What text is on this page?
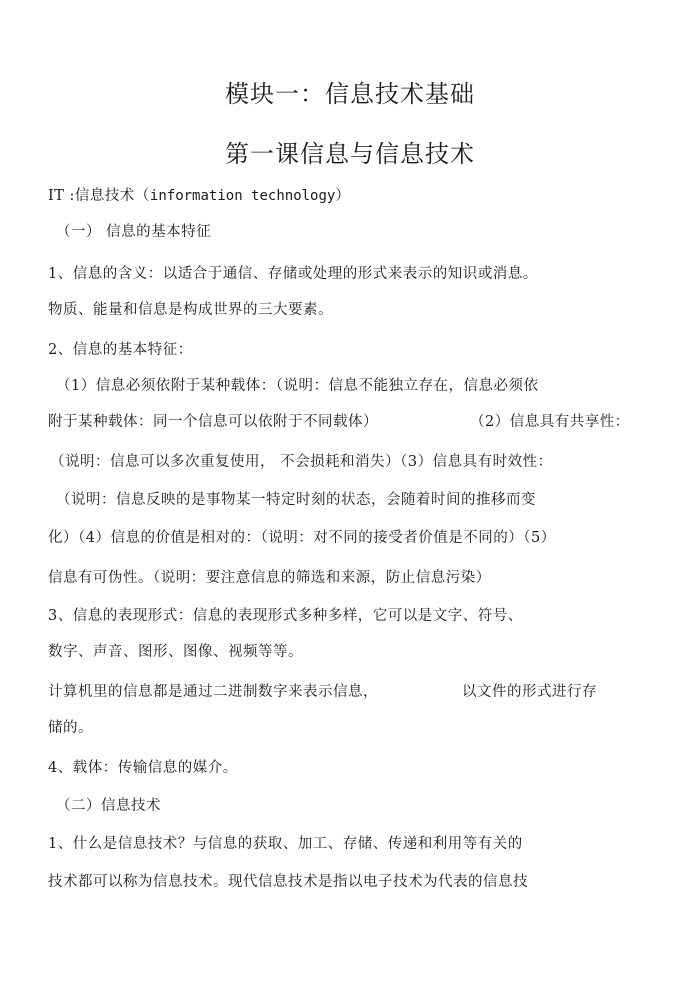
模块一：信息技术基础
第一课信息与信息技术
IT :信息技术（information technology）
（一） 信息的基本特征
1、信息的含义：以适合于通信、存储或处理的形式来表示的知识或消息。
物质、能量和信息是构成世界的三大要素。
2、信息的基本特征：
（1）信息必须依附于某种载体：（说明：信息不能独立存在，信息必须依
附于某种载体：同一个信息可以依附于不同载体）	（2）信息具有共享性：
（说明：信息可以多次重复使用， 不会损耗和消失）（3）信息具有时效性：
（说明：信息反映的是事物某一特定时刻的状态，会随着时间的推移而变
化）（4）信息的价值是相对的：（说明：对不同的接受者价值是不同的）（5）
信息有可伪性。（说明：要注意信息的筛选和来源，防止信息污染）
3、信息的表现形式：信息的表现形式多种多样，它可以是文字、符号、
数字、声音、图形、图像、视频等等。
计算机里的信息都是通过二进制数字来表示信息，	以文件的形式进行存
储的。
4、载体：传输信息的媒介。
（二）信息技术
1、什么是信息技术？与信息的获取、加工、存储、传递和利用等有关的
技术都可以称为信息技术。现代信息技术是指以电子技术为代表的信息技
